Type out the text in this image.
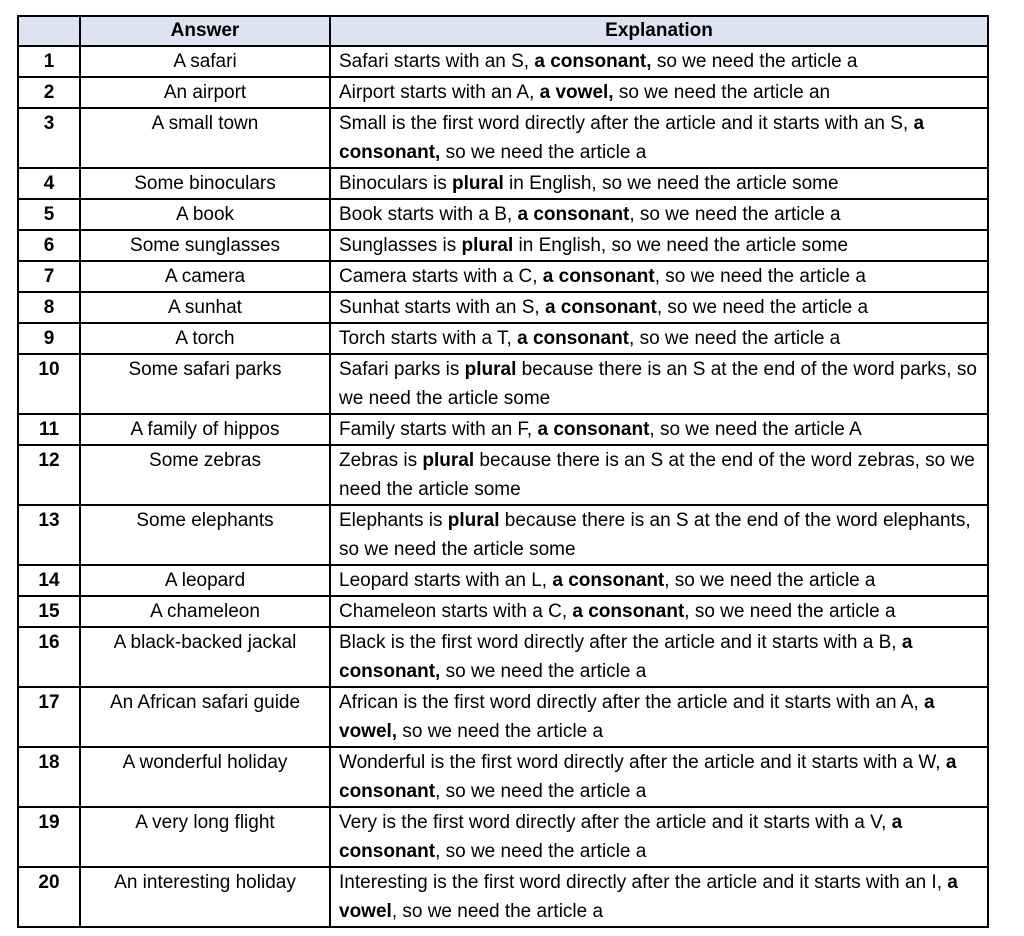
	Answer	Explanation
1	A safari	Safari starts with an S, a consonant, so we need the article a
2	An airport	Airport starts with an A, a vowel, so we need the article an
3	A small town	Small is the first word directly after the article and it starts with an S, a consonant, so we need the article a
4	Some binoculars	Binoculars is plural in English, so we need the article some
5	A book	Book starts with a B, a consonant, so we need the article a
6	Some sunglasses	Sunglasses is plural in English, so we need the article some
7	A camera	Camera starts with a C, a consonant, so we need the article a
8	A sunhat	Sunhat starts with an S, a consonant, so we need the article a
9	A torch	Torch starts with a T, a consonant, so we need the article a
10	Some safari parks	Safari parks is plural because there is an S at the end of the word parks, so we need the article some
11	A family of hippos	Family starts with an F, a consonant, so we need the article A
12	Some zebras	Zebras is plural because there is an S at the end of the word zebras, so we need the article some
13	Some elephants	Elephants is plural because there is an S at the end of the word elephants, so we need the article some
14	A leopard	Leopard starts with an L, a consonant, so we need the article a
15	A chameleon	Chameleon starts with a C, a consonant, so we need the article a
16	A black-backed jackal	Black is the first word directly after the article and it starts with a B, a consonant, so we need the article a
17	An African safari guide	African is the first word directly after the article and it starts with an A, a vowel, so we need the article a
18	A wonderful holiday	Wonderful is the first word directly after the article and it starts with a W, a consonant, so we need the article a
19	A very long flight	Very is the first word directly after the article and it starts with a V, a consonant, so we need the article a
20	An interesting holiday	Interesting is the first word directly after the article and it starts with an I, a vowel, so we need the article a
